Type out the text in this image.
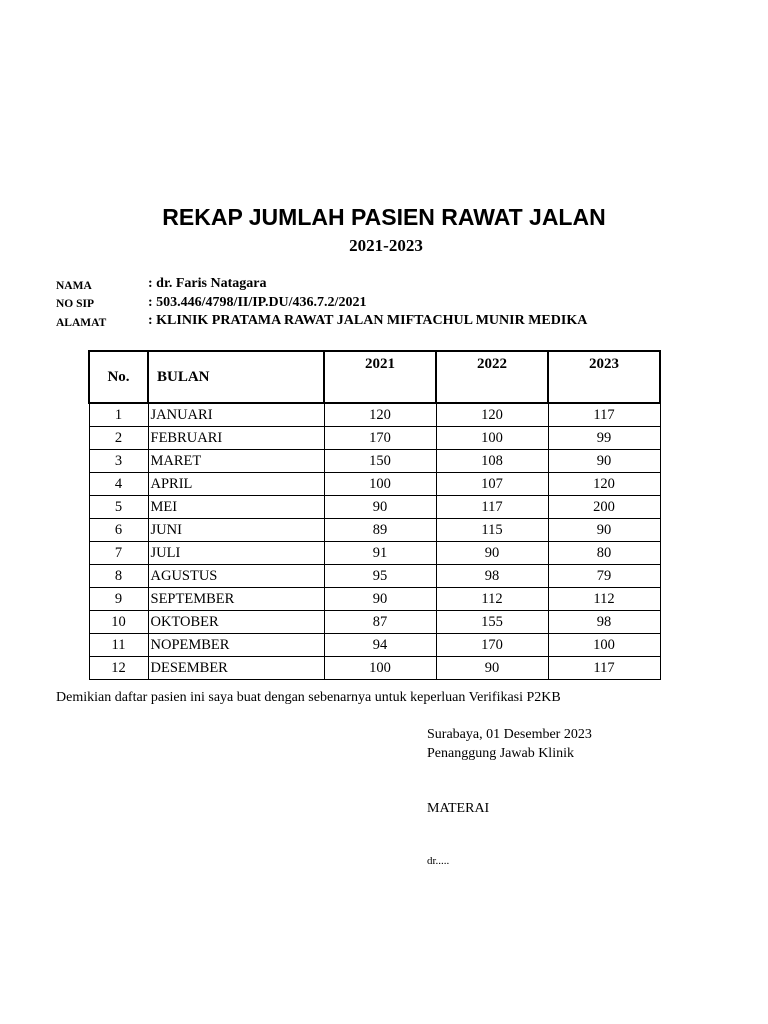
REKAP JUMLAH PASIEN RAWAT JALAN
2021-2023
NAMA	: dr. Faris Natagara
NO SIP	: 503.446/4798/II/IP.DU/436.7.2/2021
ALAMAT	: KLINIK PRATAMA RAWAT JALAN MIFTACHUL MUNIR MEDIKA
No.	BULAN	2021	2022	2023
1	JANUARI	120	120	117
2	FEBRUARI	170	100	99
3	MARET	150	108	90
4	APRIL	100	107	120
5	MEI	90	117	200
6	JUNI	89	115	90
7	JULI	91	90	80
8	AGUSTUS	95	98	79
9	SEPTEMBER	90	112	112
10	OKTOBER	87	155	98
11	NOPEMBER	94	170	100
12	DESEMBER	100	90	117
Demikian daftar pasien ini saya buat dengan sebenarnya untuk keperluan Verifikasi P2KB
Surabaya, 01 Desember 2023
Penanggung Jawab Klinik
MATERAI
dr.....
